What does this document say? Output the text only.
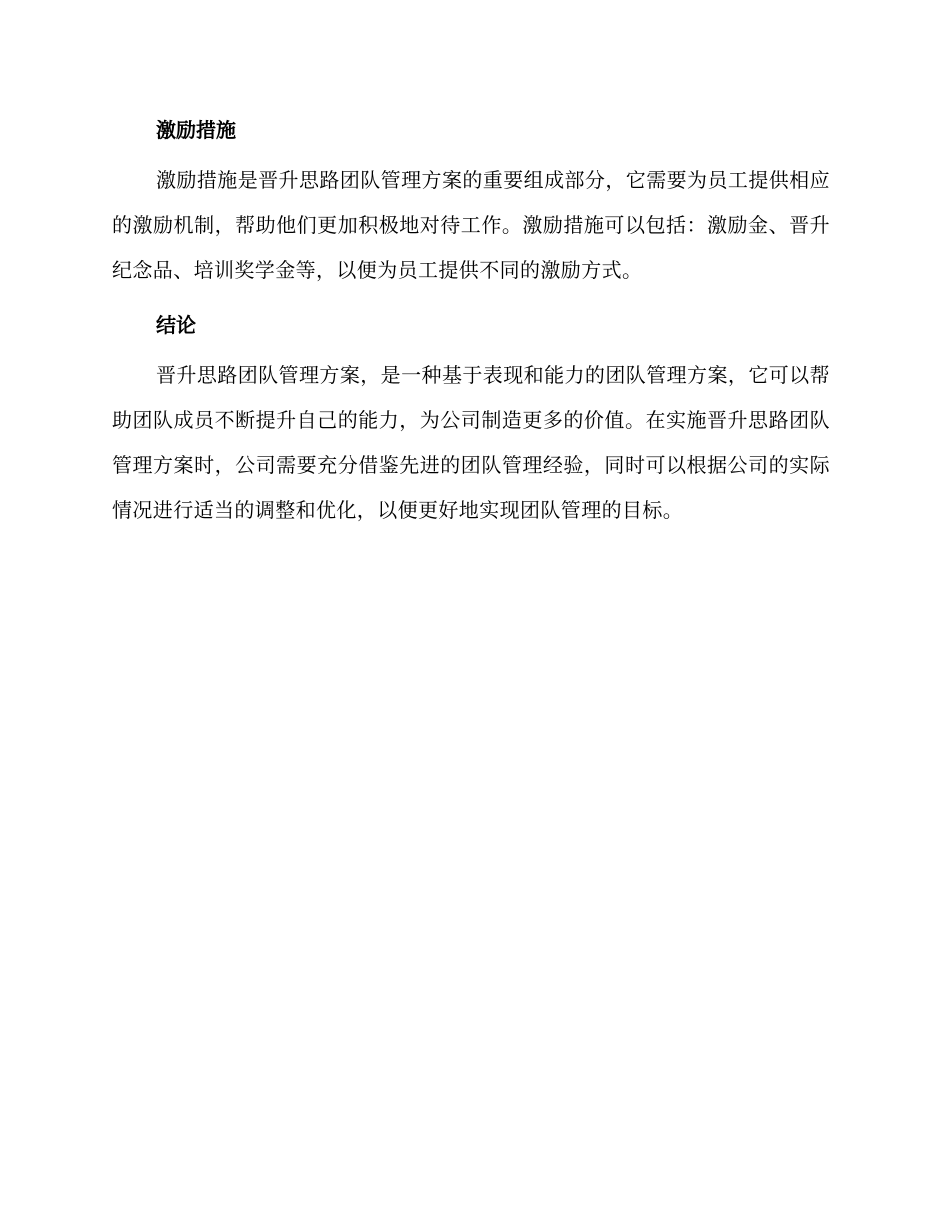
激励措施

激励措施是晋升思路团队管理方案的重要组成部分，它需要为员工提供相应的激励机制，帮助他们更加积极地对待工作。激励措施可以包括：激励金、晋升纪念品、培训奖学金等，以便为员工提供不同的激励方式。

结论

晋升思路团队管理方案，是一种基于表现和能力的团队管理方案，它可以帮助团队成员不断提升自己的能力，为公司制造更多的价值。在实施晋升思路团队管理方案时，公司需要充分借鉴先进的团队管理经验，同时可以根据公司的实际情况进行适当的调整和优化，以便更好地实现团队管理的目标。
